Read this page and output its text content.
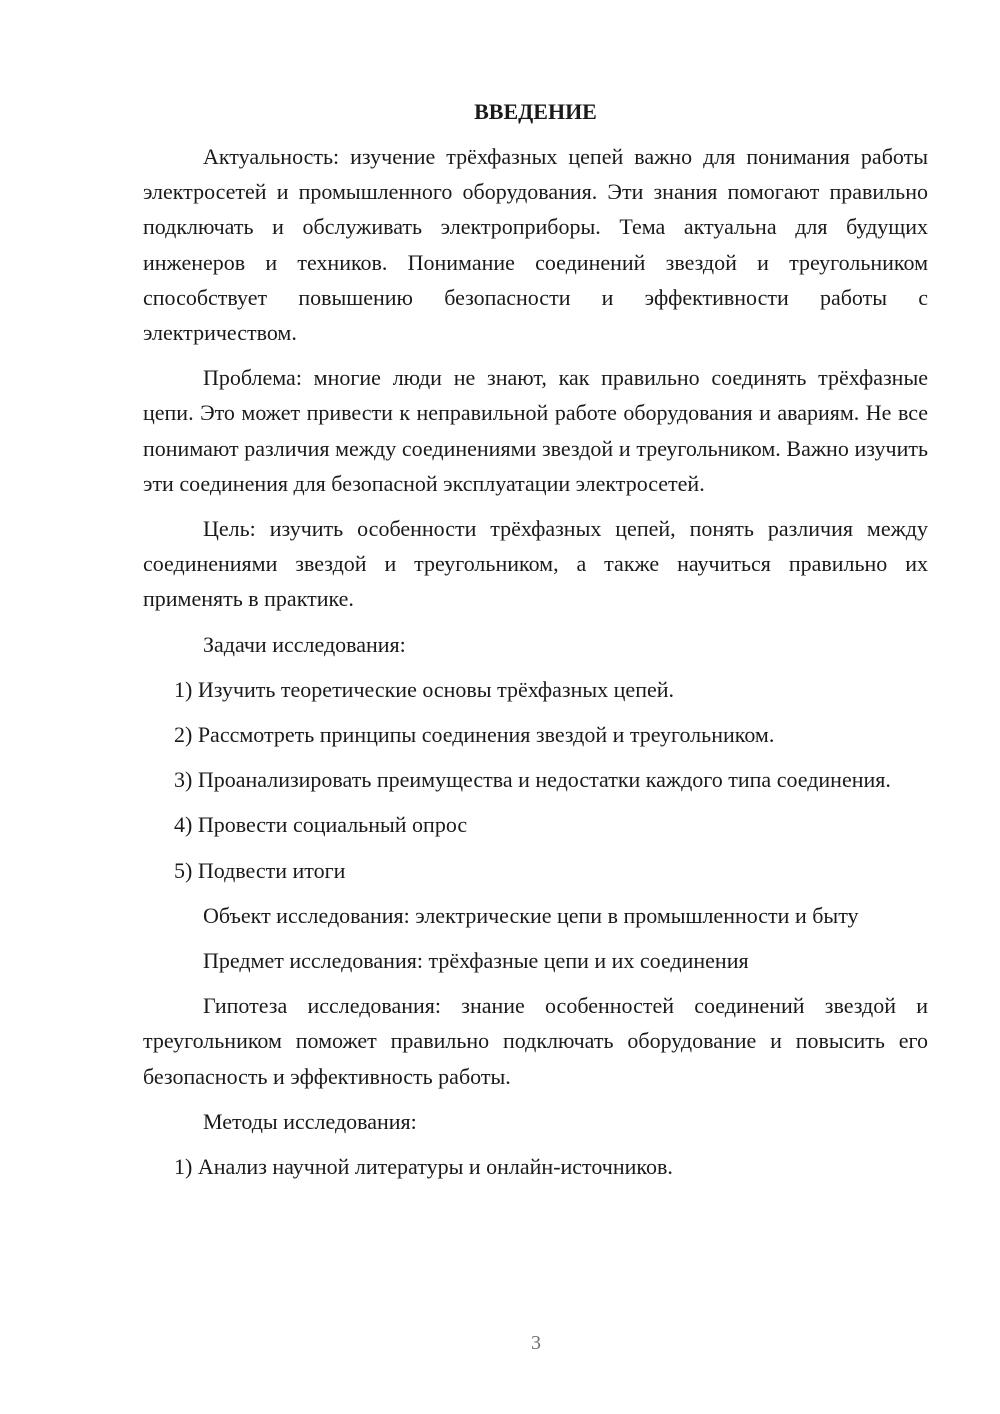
ВВЕДЕНИЕ
Актуальность: изучение трёхфазных цепей важно для понимания работы электросетей и промышленного оборудования. Эти знания помогают правильно подключать и обслуживать электроприборы. Тема актуальна для будущих инженеров и техников. Понимание соединений звездой и треугольником способствует повышению безопасности и эффективности работы с электричеством.
Проблема: многие люди не знают, как правильно соединять трёхфазные цепи. Это может привести к неправильной работе оборудования и авариям. Не все понимают различия между соединениями звездой и треугольником. Важно изучить эти соединения для безопасной эксплуатации электросетей.
Цель: изучить особенности трёхфазных цепей, понять различия между соединениями звездой и треугольником, а также научиться правильно их применять в практике.
Задачи исследования:
1) Изучить теоретические основы трёхфазных цепей.
2) Рассмотреть принципы соединения звездой и треугольником.
3) Проанализировать преимущества и недостатки каждого типа соединения.
4) Провести социальный опрос
5) Подвести итоги
Объект исследования: электрические цепи в промышленности и быту
Предмет исследования: трёхфазные цепи и их соединения
Гипотеза исследования: знание особенностей соединений звездой и треугольником поможет правильно подключать оборудование и повысить его безопасность и эффективность работы.
Методы исследования:
1) Анализ научной литературы и онлайн-источников.
3
